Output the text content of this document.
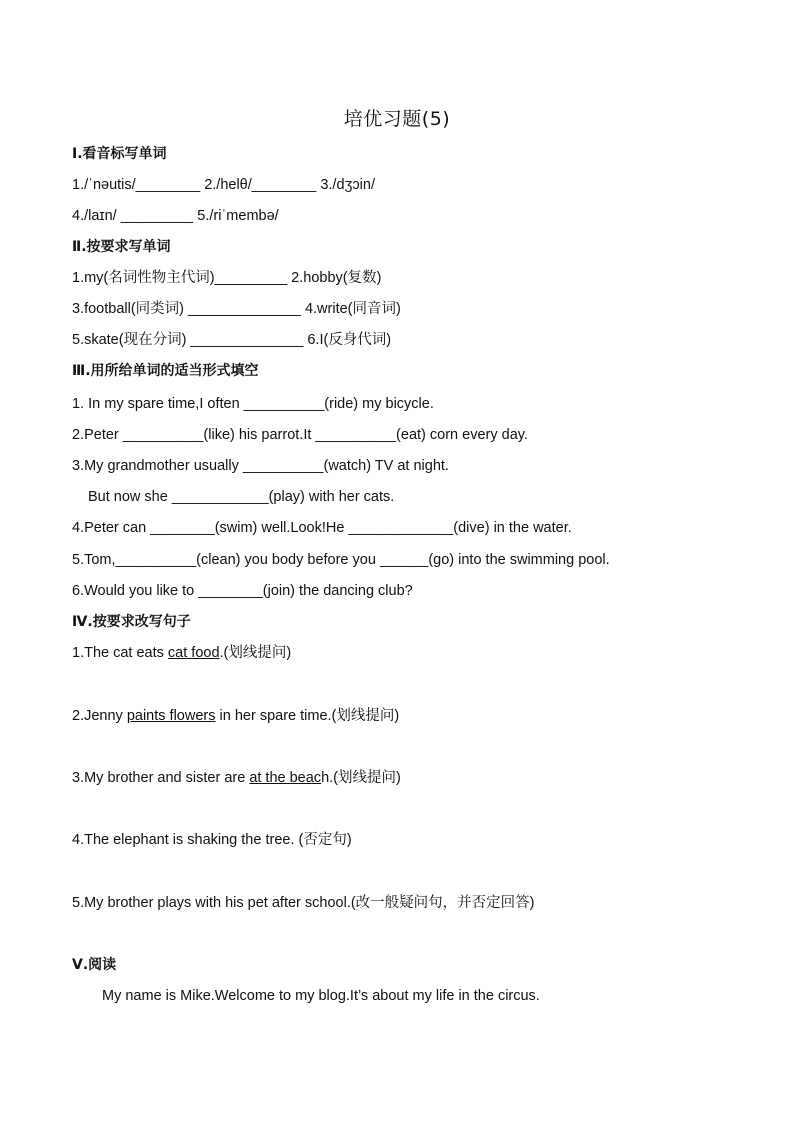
培优习题(5)
Ⅰ.看音标写单词
1./ˈnəutis/________ 2./helθ/________ 3./dʒɔin/
4./laɪn/ _________ 5./riˈmembə/
Ⅱ.按要求写单词
1.my(名词性物主代词)_________ 2.hobby(复数)
3.football(同类词) ______________ 4.write(同音词)
5.skate(现在分词) ______________ 6.I(反身代词)
Ⅲ.用所给单词的适当形式填空
1. In my spare time,I often __________(ride) my bicycle.
2.Peter __________(like) his parrot.It __________(eat) corn every day.
3.My grandmother usually __________(watch) TV at night.
But now she ____________(play) with her cats.
4.Peter can ________(swim) well.Look!He _____________(dive) in the water.
5.Tom,__________(clean) you body before you ______(go) into the swimming pool.
6.Would you like to ________(join) the dancing club?
Ⅳ.按要求改写句子
1.The cat eats cat food.(划线提问)
2.Jenny paints flowers in her spare time.(划线提问)
3.My brother and sister are at the beach.(划线提问)
4.The elephant is shaking the tree. (否定句)
5.My brother plays with his pet after school.(改一般疑问句，并否定回答)
Ⅴ.阅读
My name is Mike.Welcome to my blog.It’s about my life in the circus.
